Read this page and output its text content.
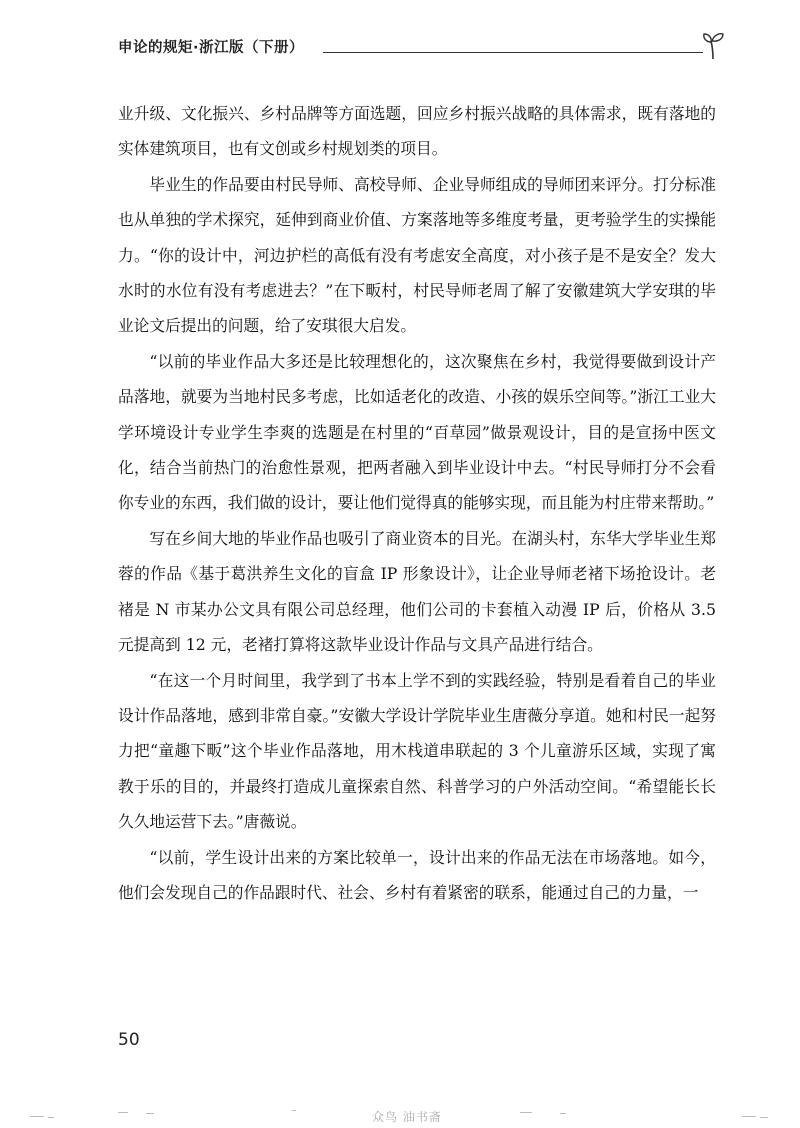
申论的规矩·浙江版（下册）

业升级、文化振兴、乡村品牌等方面选题，回应乡村振兴战略的具体需求，既有落地的实体建筑项目，也有文创或乡村规划类的项目。

毕业生的作品要由村民导师、高校导师、企业导师组成的导师团来评分。打分标准也从单独的学术探究，延伸到商业价值、方案落地等多维度考量，更考验学生的实操能力。“你的设计中，河边护栏的高低有没有考虑安全高度，对小孩子是不是安全？发大水时的水位有没有考虑进去？”在下畈村，村民导师老周了解了安徽建筑大学安琪的毕业论文后提出的问题，给了安琪很大启发。

“以前的毕业作品大多还是比较理想化的，这次聚焦在乡村，我觉得要做到设计产品落地，就要为当地村民多考虑，比如适老化的改造、小孩的娱乐空间等。”浙江工业大学环境设计专业学生李爽的选题是在村里的“百草园”做景观设计，目的是宣扬中医文化，结合当前热门的治愈性景观，把两者融入到毕业设计中去。“村民导师打分不会看你专业的东西，我们做的设计，要让他们觉得真的能够实现，而且能为村庄带来帮助。”

写在乡间大地的毕业作品也吸引了商业资本的目光。在湖头村，东华大学毕业生郑蓉的作品《基于葛洪养生文化的盲盒 IP 形象设计》，让企业导师老褚下场抢设计。老褚是 N 市某办公文具有限公司总经理，他们公司的卡套植入动漫 IP 后，价格从 3.5 元提高到 12 元，老褚打算将这款毕业设计作品与文具产品进行结合。

“在这一个月时间里，我学到了书本上学不到的实践经验，特别是看着自己的毕业设计作品落地，感到非常自豪。”安徽大学设计学院毕业生唐薇分享道。她和村民一起努力把“童趣下畈”这个毕业作品落地，用木栈道串联起的 3 个儿童游乐区域，实现了寓教于乐的目的，并最终打造成儿童探索自然、科普学习的户外活动空间。“希望能长长久久地运营下去。”唐薇说。

“以前，学生设计出来的方案比较单一，设计出来的作品无法在市场落地。如今，他们会发现自己的作品跟时代、社会、乡村有着紧密的联系，能通过自己的力量，一

50
众鸟 油书斋
